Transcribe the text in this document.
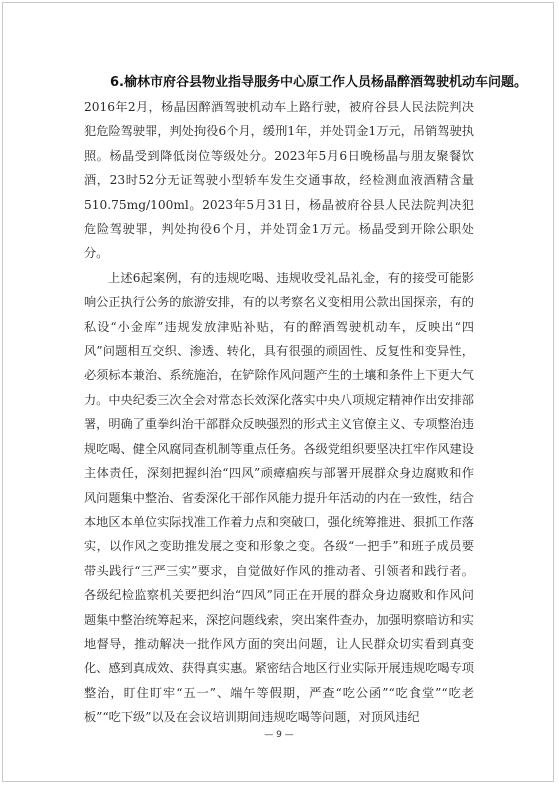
6.榆林市府谷县物业指导服务中心原工作人员杨晶醉酒驾驶机动车问题。

2016年2月，杨晶因醉酒驾驶机动车上路行驶，被府谷县人民法院判决犯危险驾驶罪，判处拘役6个月，缓刑1年，并处罚金1万元，吊销驾驶执照。杨晶受到降低岗位等级处分。2023年5月6日晚杨晶与朋友聚餐饮酒，23时52分无证驾驶小型轿车发生交通事故，经检测血液酒精含量510.75mg/100ml。2023年5月31日，杨晶被府谷县人民法院判决犯危险驾驶罪，判处拘役6个月，并处罚金1万元。杨晶受到开除公职处分。

上述6起案例，有的违规吃喝、违规收受礼品礼金，有的接受可能影响公正执行公务的旅游安排，有的以考察名义变相用公款出国探亲，有的私设“小金库”违规发放津贴补贴，有的醉酒驾驶机动车，反映出“四风”问题相互交织、渗透、转化，具有很强的顽固性、反复性和变异性，必须标本兼治、系统施治，在铲除作风问题产生的土壤和条件上下更大气力。中央纪委三次全会对常态长效深化落实中央八项规定精神作出安排部署，明确了重拳纠治干部群众反映强烈的形式主义官僚主义、专项整治违规吃喝、健全风腐同查机制等重点任务。各级党组织要坚决扛牢作风建设主体责任，深刻把握纠治“四风”顽瘴痼疾与部署开展群众身边腐败和作风问题集中整治、省委深化干部作风能力提升年活动的内在一致性，结合本地区本单位实际找准工作着力点和突破口，强化统筹推进、狠抓工作落实，以作风之变助推发展之变和形象之变。各级“一把手”和班子成员要带头践行“三严三实”要求，自觉做好作风的推动者、引领者和践行者。各级纪检监察机关要把纠治“四风”同正在开展的群众身边腐败和作风问题集中整治统筹起来，深挖问题线索，突出案件查办，加强明察暗访和实地督导，推动解决一批作风方面的突出问题，让人民群众切实看到真变化、感到真成效、获得真实惠。紧密结合地区行业实际开展违规吃喝专项整治，盯住盯牢“五一”、端午等假期，严查“吃公函”“吃食堂”“吃老板”“吃下级”以及在会议培训期间违规吃喝等问题，对顶风违纪

— 9 —
